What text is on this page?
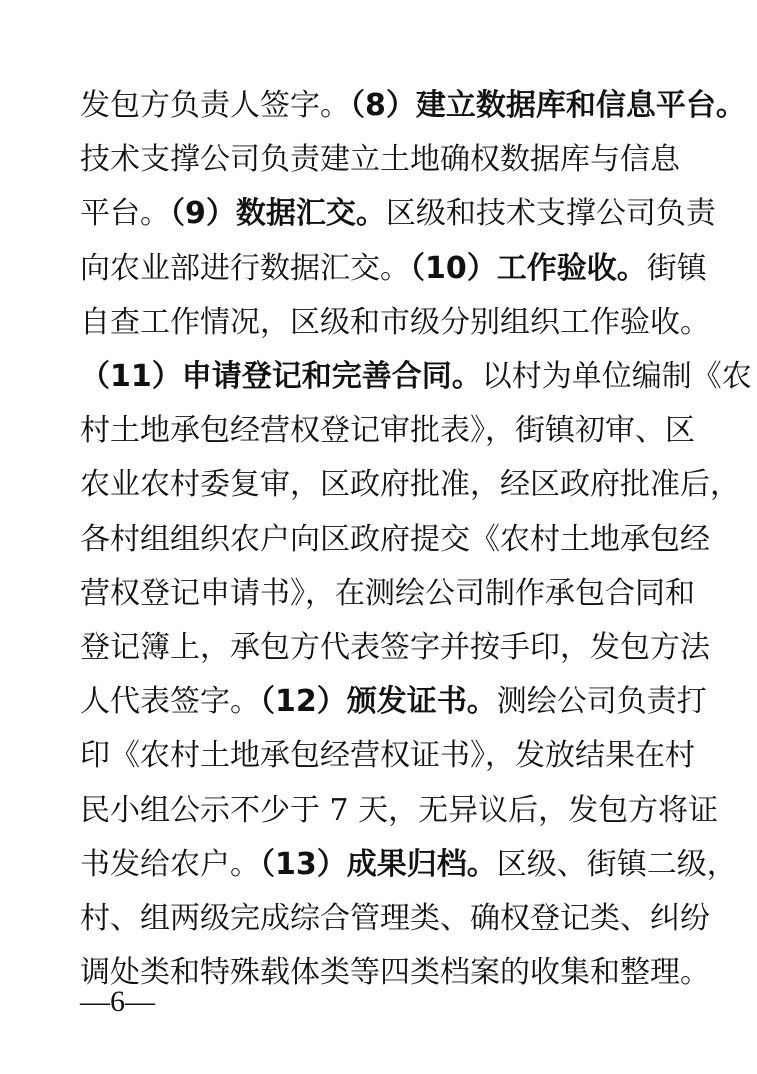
发包方负责人签字。（8）建立数据库和信息平台。
技术支撑公司负责建立土地确权数据库与信息
平台。（9）数据汇交。区级和技术支撑公司负责
向农业部进行数据汇交。（10）工作验收。街镇
自查工作情况，区级和市级分别组织工作验收。
（11）申请登记和完善合同。以村为单位编制《农
村土地承包经营权登记审批表》，街镇初审、区
农业农村委复审，区政府批准，经区政府批准后，
各村组组织农户向区政府提交《农村土地承包经
营权登记申请书》，在测绘公司制作承包合同和
登记簿上，承包方代表签字并按手印，发包方法
人代表签字。（12）颁发证书。测绘公司负责打
印《农村土地承包经营权证书》，发放结果在村
民小组公示不少于 7 天，无异议后，发包方将证
书发给农户。（13）成果归档。区级、街镇二级，
村、组两级完成综合管理类、确权登记类、纠纷
调处类和特殊载体类等四类档案的收集和整理。
—6—
